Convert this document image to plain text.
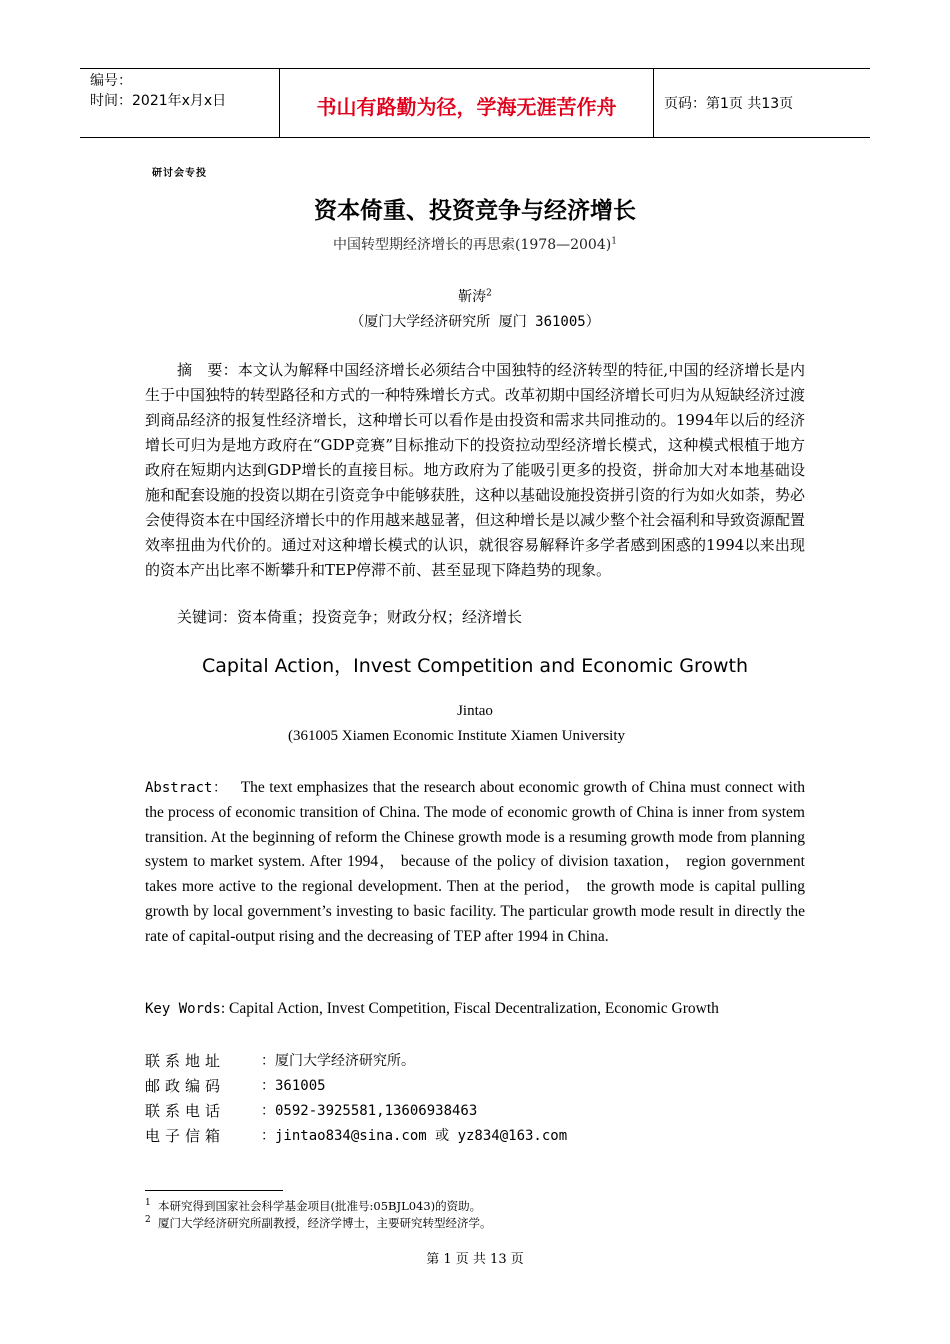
编号：
时间：2021年x月x日	书山有路勤为径，学海无涯苦作舟	页码：第1页 共13页
研讨会专投
资本倚重、投资竞争与经济增长
中国转型期经济增长的再思索(1978—2004)$^1$
靳涛$^2$
（厦门大学经济研究所 厦门 361005）

摘　要：本文认为解释中国经济增长必须结合中国独特的经济转型的特征,中国的经济增长是内生于中国独特的转型路径和方式的一种特殊增长方式。改革初期中国经济增长可归为从短缺经济过渡到商品经济的报复性经济增长，这种增长可以看作是由投资和需求共同推动的。1994年以后的经济增长可归为是地方政府在“GDP竞赛”目标推动下的投资拉动型经济增长模式，这种模式根植于地方政府在短期内达到GDP增长的直接目标。地方政府为了能吸引更多的投资，拼命加大对本地基础设施和配套设施的投资以期在引资竞争中能够获胜，这种以基础设施投资拼引资的行为如火如荼，势必会使得资本在中国经济增长中的作用越来越显著，但这种增长是以减少整个社会福利和导致资源配置效率扭曲为代价的。通过对这种增长模式的认识，就很容易解释许多学者感到困惑的1994以来出现的资本产出比率不断攀升和TEP停滞不前、甚至显现下降趋势的现象。

关键词：资本倚重；投资竞争；财政分权；经济增长
Capital Action，Invest Competition and Economic Growth
Jintao
(361005 Xiamen Economic Institute Xiamen University
Abstract： The text emphasizes that the research about economic growth of China must connect with the process of economic transition of China. The mode of economic growth of China is inner from system transition. At the beginning of reform the Chinese growth mode is a resuming growth mode from planning system to market system. After 1994， because of the policy of division taxation， region government takes more active to the regional development. Then at the period， the growth mode is capital pulling growth by local government’s investing to basic facility. The particular growth mode result in directly the rate of capital-output rising and the decreasing of TEP after 1994 in China.
Key Words: Capital Action, Invest Competition, Fiscal Decentralization, Economic Growth
联系地址	：厦门大学经济研究所。
邮政编码	：361005
联系电话	：0592-3925581,13606938463
电子信箱	：jintao834@sina.com 或 yz834@163.com
$^1$ 本研究得到国家社会科学基金项目(批准号:05BJL043)的资助。
$^2$ 厦门大学经济研究所副教授，经济学博士，主要研究转型经济学。
第 1 页 共 13 页
